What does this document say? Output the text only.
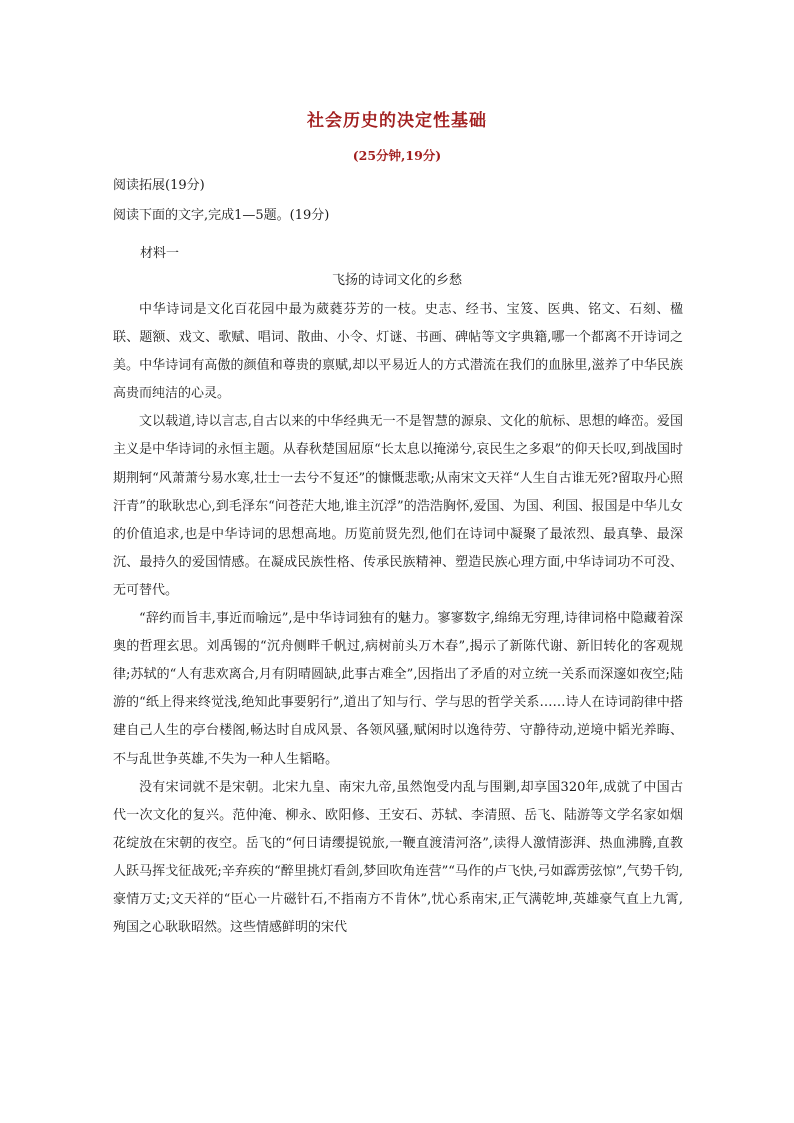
社会历史的决定性基础
(25分钟,19分)
阅读拓展(19分)
阅读下面的文字,完成1—5题。(19分)
材料一
飞扬的诗词文化的乡愁

中华诗词是文化百花园中最为葳蕤芬芳的一枝。史志、经书、宝笈、医典、铭文、石刻、楹联、题额、戏文、歌赋、唱词、散曲、小令、灯谜、书画、碑帖等文字典籍,哪一个都离不开诗词之美。中华诗词有高傲的颜值和尊贵的禀赋,却以平易近人的方式潜流在我们的血脉里,滋养了中华民族高贵而纯洁的心灵。

文以载道,诗以言志,自古以来的中华经典无一不是智慧的源泉、文化的航标、思想的峰峦。爱国主义是中华诗词的永恒主题。从春秋楚国屈原“长太息以掩涕兮,哀民生之多艰”的仰天长叹,到战国时期荆轲“风萧萧兮易水寒,壮士一去兮不复还”的慷慨悲歌;从南宋文天祥“人生自古谁无死?留取丹心照汗青”的耿耿忠心,到毛泽东“问苍茫大地,谁主沉浮”的浩浩胸怀,爱国、为国、利国、报国是中华儿女的价值追求,也是中华诗词的思想高地。历览前贤先烈,他们在诗词中凝聚了最浓烈、最真挚、最深沉、最持久的爱国情感。在凝成民族性格、传承民族精神、塑造民族心理方面,中华诗词功不可没、无可替代。

“辞约而旨丰,事近而喻远”,是中华诗词独有的魅力。寥寥数字,绵绵无穷理,诗律词格中隐藏着深奥的哲理玄思。刘禹锡的“沉舟侧畔千帆过,病树前头万木春”,揭示了新陈代谢、新旧转化的客观规律;苏轼的“人有悲欢离合,月有阴晴圆缺,此事古难全”,因指出了矛盾的对立统一关系而深邃如夜空;陆游的“纸上得来终觉浅,绝知此事要躬行”,道出了知与行、学与思的哲学关系……诗人在诗词韵律中搭建自己人生的亭台楼阁,畅达时自成风景、各领风骚,赋闲时以逸待劳、守静待动,逆境中韬光养晦、不与乱世争英雄,不失为一种人生韬略。

没有宋词就不是宋朝。北宋九皇、南宋九帝,虽然饱受内乱与围剿,却享国320年,成就了中国古代一次文化的复兴。范仲淹、柳永、欧阳修、王安石、苏轼、李清照、岳飞、陆游等文学名家如烟花绽放在宋朝的夜空。岳飞的“何日请缨提锐旅,一鞭直渡清河洛”,读得人激情澎湃、热血沸腾,直教人跃马挥戈征战死;辛弃疾的“醉里挑灯看剑,梦回吹角连营”“马作的卢飞快,弓如霹雳弦惊”,气势千钧,豪情万丈;文天祥的“臣心一片磁针石,不指南方不肯休”,忧心系南宋,正气满乾坤,英雄豪气直上九霄,殉国之心耿耿昭然。这些情感鲜明的宋代
